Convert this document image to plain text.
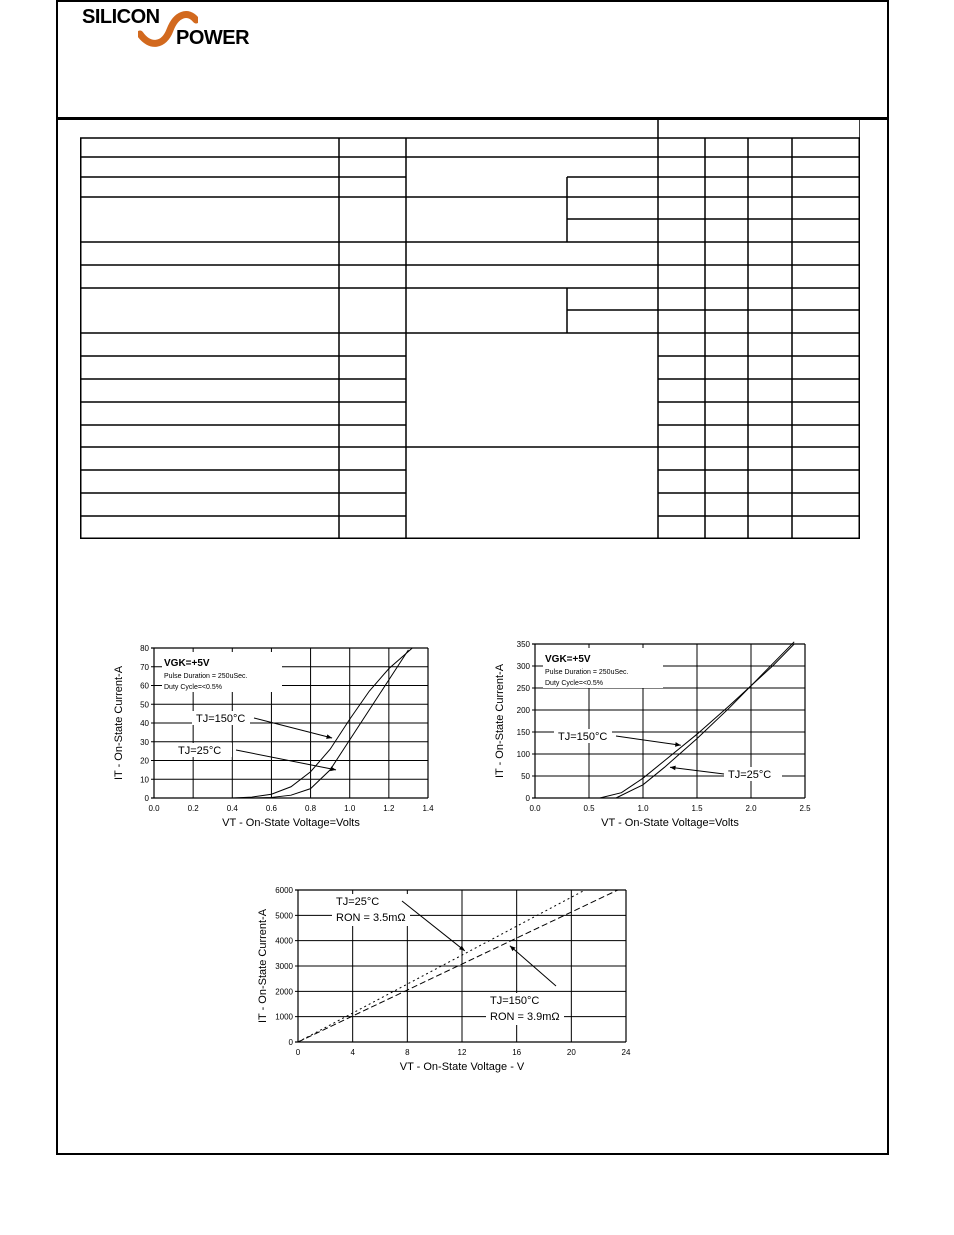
SILICON
POWER
0.0	0.2	0.4	0.6	0.8	1.0	1.2	1.4
0
10
20
30
40
50
60
70
80
VT - On-State Voltage=Volts
IT - On-State Current-A
VGK=+5V
Pulse Duration = 250uSec.
Duty Cycle=<0.5%
TJ=150°C
TJ=25°C
0.0	0.5	1.0	1.5	2.0	2.5
0
50
100
150
200
250
300
350
VT - On-State Voltage=Volts
IT - On-State Current-A
VGK=+5V
Pulse Duration = 250uSec.
Duty Cycle=<0.5%
TJ=150°C
TJ=25°C
0	4	8	12	16	20	24
0
1000
2000
3000
4000
5000
6000
VT - On-State Voltage - V
IT - On-State Current-A
TJ=25°C
RON = 3.5mΩ
TJ=150°C
RON = 3.9mΩ
